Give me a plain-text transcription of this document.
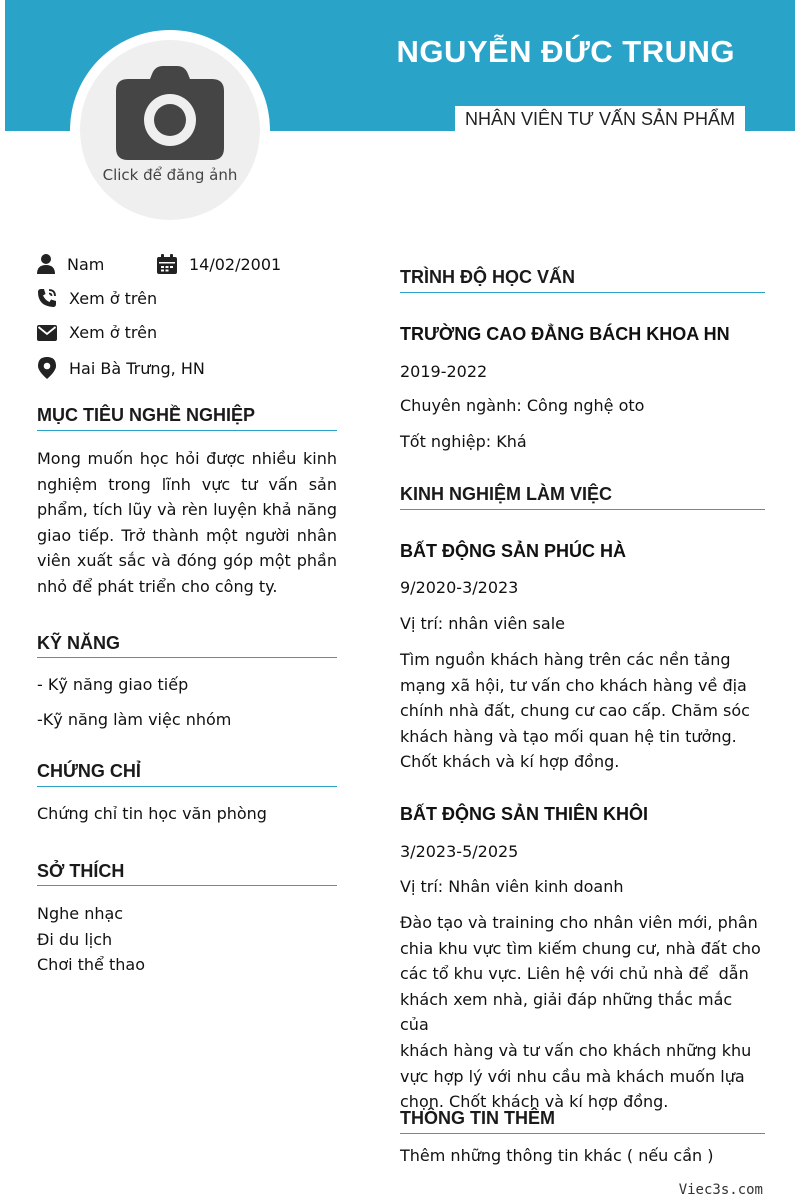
NGUYỄN ĐỨC TRUNG
NHÂN VIÊN TƯ VẤN SẢN PHẨM
Click để đăng ảnh
Nam	14/02/2001
Xem ở trên
Xem ở trên
Hai Bà Trưng, HN
MỤC TIÊU NGHỀ NGHIỆP
Mong muốn học hỏi được nhiều kinh
nghiệm trong lĩnh vực tư vấn sản
phẩm, tích lũy và rèn luyện khả năng
giao tiếp. Trở thành một người nhân
viên xuất sắc và đóng góp một phần
nhỏ để phát triển cho công ty.
KỸ NĂNG
- Kỹ năng giao tiếp
-Kỹ năng làm việc nhóm
CHỨNG CHỈ
Chứng chỉ tin học văn phòng
SỞ THÍCH
Nghe nhạc
Đi du lịch
Chơi thể thao
TRÌNH ĐỘ HỌC VẤN
TRƯỜNG CAO ĐẲNG BÁCH KHOA HN
2019-2022
Chuyên ngành: Công nghệ oto
Tốt nghiệp: Khá
KINH NGHIỆM LÀM VIỆC
BẤT ĐỘNG SẢN PHÚC HÀ
9/2020-3/2023
Vị trí: nhân viên sale
Tìm nguồn khách hàng trên các nền tảng
mạng xã hội, tư vấn cho khách hàng về địa
chính nhà đất, chung cư cao cấp. Chăm sóc
khách hàng và tạo mối quan hệ tin tưởng.
Chốt khách và kí hợp đồng.
BẤT ĐỘNG SẢN THIÊN KHÔI
3/2023-5/2025
Vị trí: Nhân viên kinh doanh
Đào tạo và training cho nhân viên mới, phân
chia khu vực tìm kiếm chung cư, nhà đất cho
các tổ khu vực. Liên hệ với chủ nhà để  dẫn
khách xem nhà, giải đáp những thắc mắc của
khách hàng và tư vấn cho khách những khu
vực hợp lý với nhu cầu mà khách muốn lựa
chọn. Chốt khách và kí hợp đồng.
THÔNG TIN THÊM
Thêm những thông tin khác ( nếu cần )
Viec3s.com
